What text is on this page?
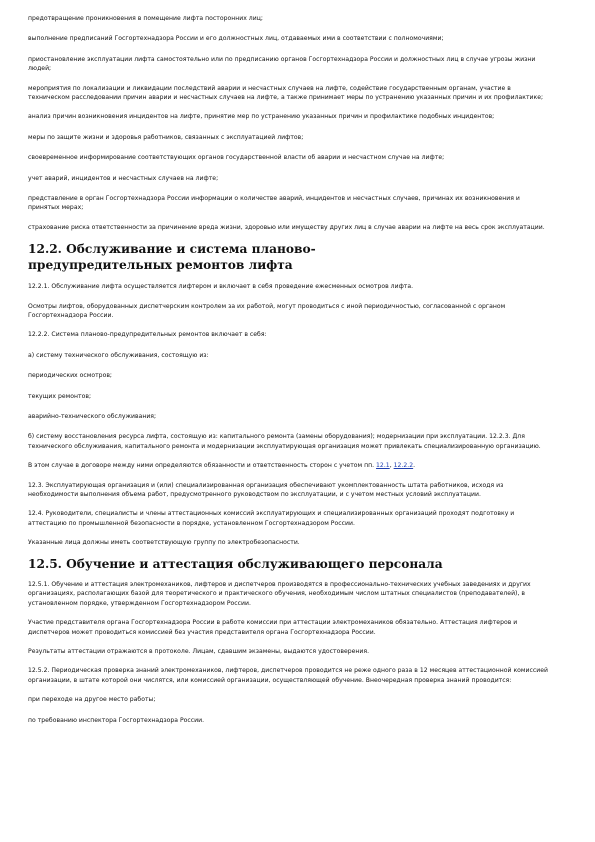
предотвращение проникновения в помещение лифта посторонних лиц;

выполнение предписаний Госгортехнадзора России и его должностных лиц, отдаваемых ими в соответствии с полномочиями;

приостановление эксплуатации лифта самостоятельно или по предписанию органов Госгортехнадзора России и должностных лиц в случае угрозы жизни людей;

мероприятия по локализации и ликвидации последствий аварии и несчастных случаев на лифте, содействие государственным органам, участие в техническом расследовании причин аварии и несчастных случаев на лифте, а также принимает меры по устранению указанных причин и их профилактике;

анализ причин возникновения инцидентов на лифте, принятие мер по устранению указанных причин и профилактике подобных инцидентов;

меры по защите жизни и здоровья работников, связанных с эксплуатацией лифтов;

своевременное информирование соответствующих органов государственной власти об аварии и несчастном случае на лифте;

учет аварий, инцидентов и несчастных случаев на лифте;

представление в орган Госгортехнадзора России информации о количестве аварий, инцидентов и несчастных случаев, причинах их возникновения и принятых мерах;

страхование риска ответственности за причинение вреда жизни, здоровью или имуществу других лиц в случае аварии на лифте на весь срок эксплуатации.

12.2. Обслуживание и система планово-предупредительных ремонтов лифта

12.2.1. Обслуживание лифта осуществляется лифтером и включает в себя проведение ежесменных осмотров лифта.

Осмотры лифтов, оборудованных диспетчерским контролем за их работой, могут проводиться с иной периодичностью, согласованной с органом Госгортехнадзора России.

12.2.2. Система планово-предупредительных ремонтов включает в себя:

а) систему технического обслуживания, состоящую из:

периодических осмотров;

текущих ремонтов;

аварийно-технического обслуживания;

б) систему восстановления ресурса лифта, состоящую из: капитального ремонта (замены оборудования); модернизации при эксплуатации. 12.2.3. Для технического обслуживания, капитального ремонта и модернизации эксплуатирующая организация может привлекать специализированную организацию.

В этом случае в договоре между ними определяются обязанности и ответственность сторон с учетом пп. 12.1, 12.2.2.

12.3. Эксплуатирующая организация и (или) специализированная организация обеспечивают укомплектованность штата работников, исходя из необходимости выполнения объема работ, предусмотренного руководством по эксплуатации, и с учетом местных условий эксплуатации.

12.4. Руководители, специалисты и члены аттестационных комиссий эксплуатирующих и специализированных организаций проходят подготовку и аттестацию по промышленной безопасности в порядке, установленном Госгортехнадзором России.

Указанные лица должны иметь соответствующую группу по электробезопасности.

12.5. Обучение и аттестация обслуживающего персонала

12.5.1. Обучение и аттестация электромехаников, лифтеров и диспетчеров производятся в профессионально-технических учебных заведениях и других организациях, располагающих базой для теоретического и практического обучения, необходимым числом штатных специалистов (преподавателей), в установленном порядке, утвержденном Госгортехнадзором России.

Участие представителя органа Госгортехнадзора России в работе комиссии при аттестации электромехаников обязательно. Аттестация лифтеров и диспетчеров может проводиться комиссией без участия представителя органа Госгортехнадзора России.

Результаты аттестации отражаются в протоколе. Лицам, сдавшим экзамены, выдаются удостоверения.

12.5.2. Периодическая проверка знаний электромехаников, лифтеров, диспетчеров проводится не реже одного раза в 12 месяцев аттестационной комиссией организации, в штате которой они числятся, или комиссией организации, осуществляющей обучение. Внеочередная проверка знаний проводится:

при переходе на другое место работы;

по требованию инспектора Госгортехнадзора России.
